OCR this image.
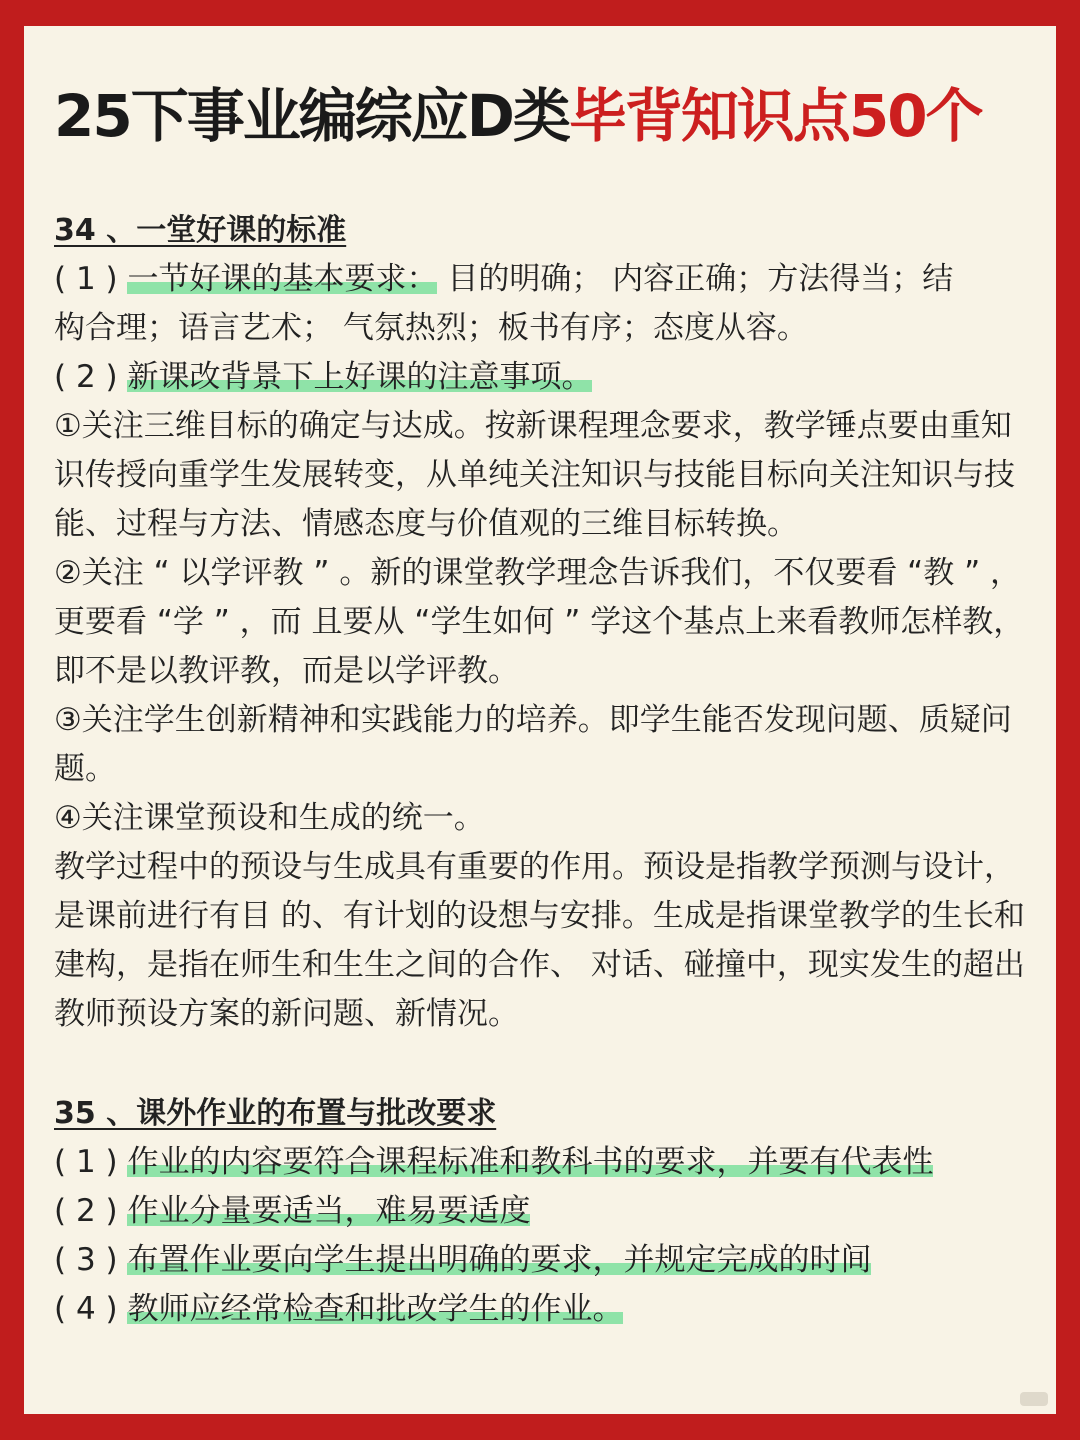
25下事业编综应D类毕背知识点50个

34 、一堂好课的标准

( 1 ) 一节好课的基本要求： 目的明确； 内容正确；方法得当；结

构合理；语言艺术； 气氛热烈；板书有序；态度从容。

( 2 ) 新课改背景下上好课的注意事项。

①关注三维目标的确定与达成。按新课程理念要求，教学锤点要由重知识传授向重学生发展转变，从单纯关注知识与技能目标向关注知识与技能、过程与方法、情感态度与价值观的三维目标转换。

②关注 “ 以学评教 ” 。新的课堂教学理念告诉我们，不仅要看 “教 ” ，更要看 “学 ” ，而 且要从 “学生如何 ” 学这个基点上来看教师怎样教，即不是以教评教，而是以学评教。

③关注学生创新精神和实践能力的培养。即学生能否发现问题、质疑问题。

④关注课堂预设和生成的统一。

教学过程中的预设与生成具有重要的作用。预设是指教学预测与设计，是课前进行有目 的、有计划的设想与安排。生成是指课堂教学的生长和建构，是指在师生和生生之间的合作、 对话、碰撞中，现实发生的超出教师预设方案的新问题、新情况。

35 、课外作业的布置与批改要求

( 1 ) 作业的内容要符合课程标准和教科书的要求，并要有代表性

( 2 ) 作业分量要适当，难易要适度

( 3 ) 布置作业要向学生提出明确的要求，并规定完成的时间

( 4 ) 教师应经常检查和批改学生的作业。
